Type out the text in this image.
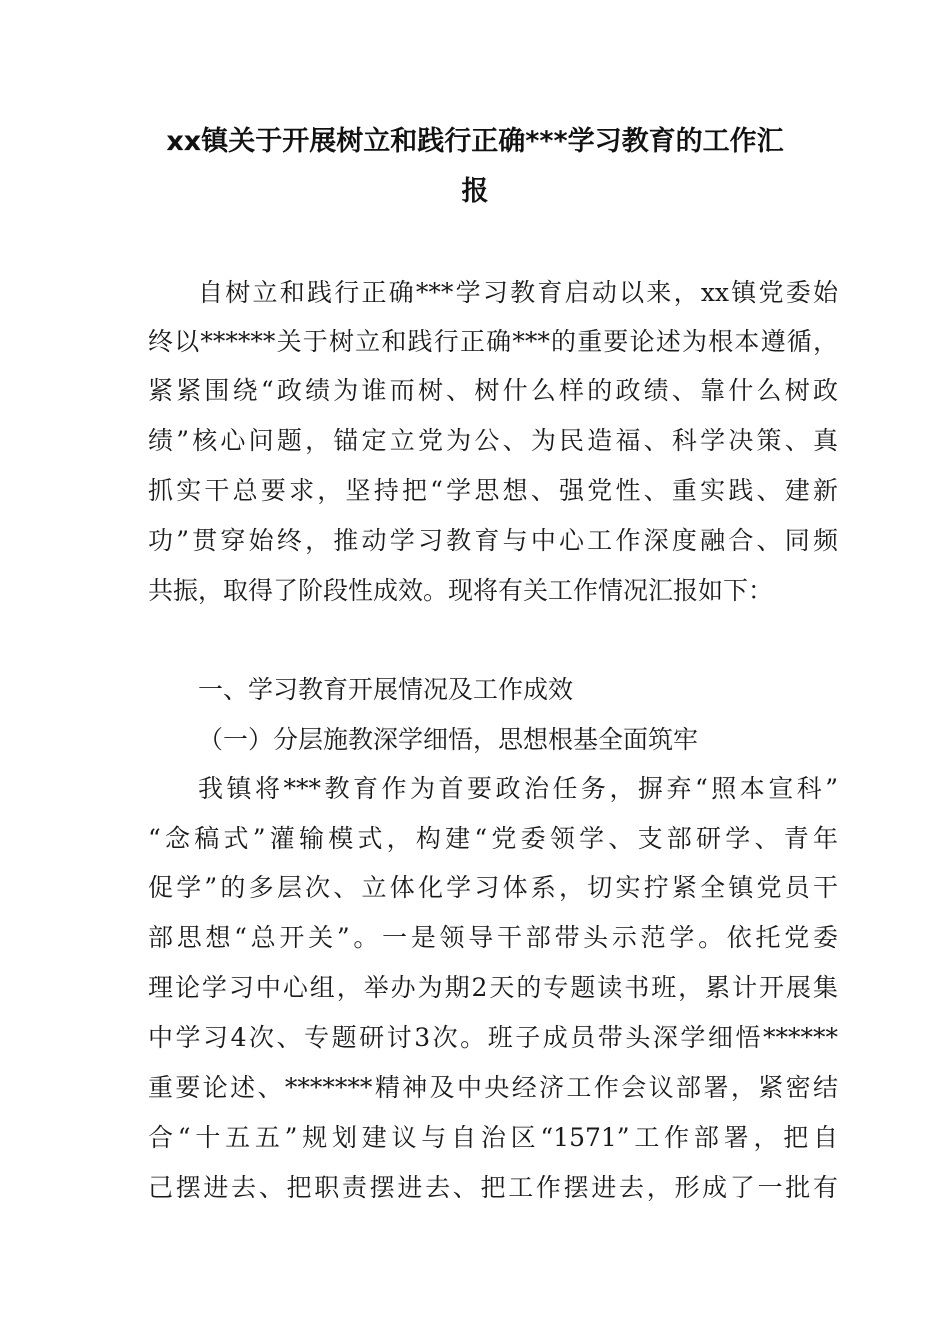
xx镇关于开展树立和践行正确***学习教育的工作汇
报

自树立和践行正确***学习教育启动以来，xx镇党委始

终以******关于树立和践行正确***的重要论述为根本遵循，

紧紧围绕“政绩为谁而树、树什么样的政绩、靠什么树政

绩”核心问题，锚定立党为公、为民造福、科学决策、真

抓实干总要求，坚持把“学思想、强党性、重实践、建新

功”贯穿始终，推动学习教育与中心工作深度融合、同频

共振，取得了阶段性成效。现将有关工作情况汇报如下：

一、学习教育开展情况及工作成效
（一）分层施教深学细悟，思想根基全面筑牢

我镇将***教育作为首要政治任务，摒弃“照本宣科”

“念稿式”灌输模式，构建“党委领学、支部研学、青年

促学”的多层次、立体化学习体系，切实拧紧全镇党员干

部思想“总开关”。一是领导干部带头示范学。依托党委

理论学习中心组，举办为期2天的专题读书班，累计开展集

中学习4次、专题研讨3次。班子成员带头深学细悟******

重要论述、*******精神及中央经济工作会议部署，紧密结

合“十五五”规划建议与自治区“1571”工作部署，把自

己摆进去、把职责摆进去、把工作摆进去，形成了一批有
